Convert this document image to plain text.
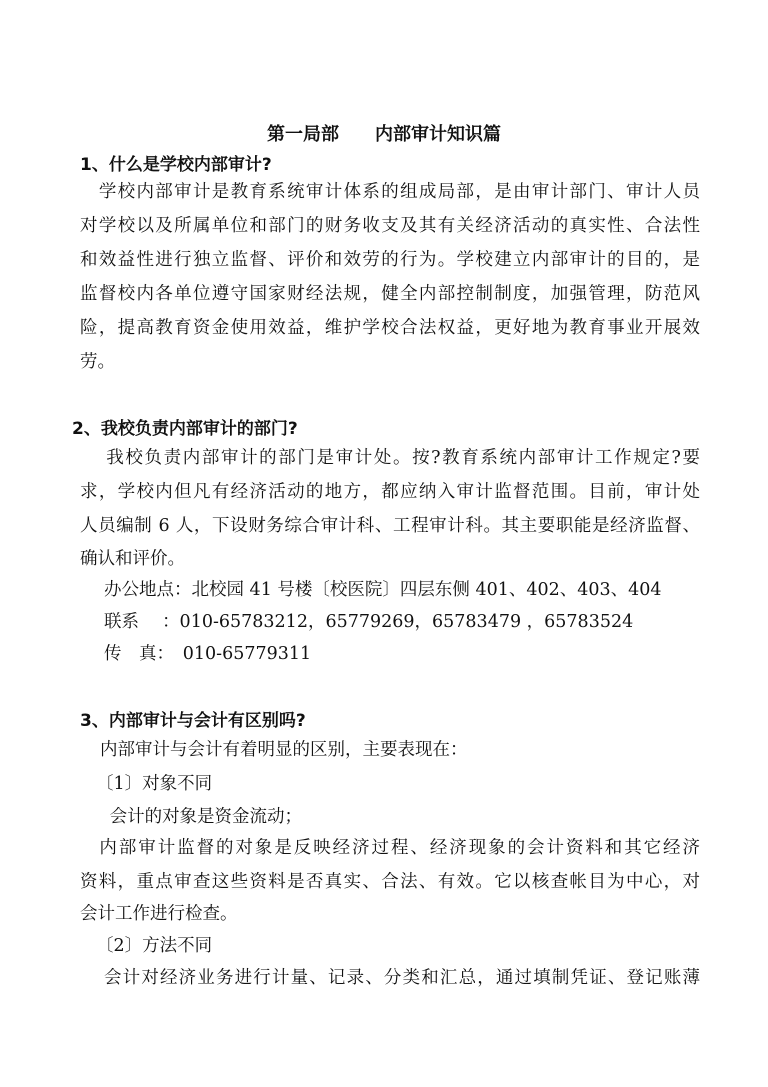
第一局部　　内部审计知识篇
1、什么是学校内部审计?
　学校内部审计是教育系统审计体系的组成局部，是由审计部门、审计人员
对学校以及所属单位和部门的财务收支及其有关经济活动的真实性、合法性
和效益性进行独立监督、评价和效劳的行为。学校建立内部审计的目的，是
监督校内各单位遵守国家财经法规，健全内部控制制度，加强管理，防范风
险，提高教育资金使用效益，维护学校合法权益，更好地为教育事业开展效
劳。
2、我校负责内部审计的部门?
　 我校负责内部审计的部门是审计处。按?教育系统内部审计工作规定?要
求，学校内但凡有经济活动的地方，都应纳入审计监督范围。目前，审计处
人员编制 6 人，下设财务综合审计科、工程审计科。其主要职能是经济监督、
确认和评价。
办公地点：北校园 41 号楼〔校医院〕四层东侧 401、402、403、404
联系　 ：010-65783212，65779269，65783479 ，65783524
传　真：　010-65779311
3、内部审计与会计有区别吗?
内部审计与会计有着明显的区别，主要表现在：
〔1〕对象不同
会计的对象是资金流动；
　内部审计监督的对象是反映经济过程、经济现象的会计资料和其它经济
资料，重点审查这些资料是否真实、合法、有效。它以核查帐目为中心，对
会计工作进行检查。
〔2〕方法不同
会计对经济业务进行计量、记录、分类和汇总，通过填制凭证、登记账薄
